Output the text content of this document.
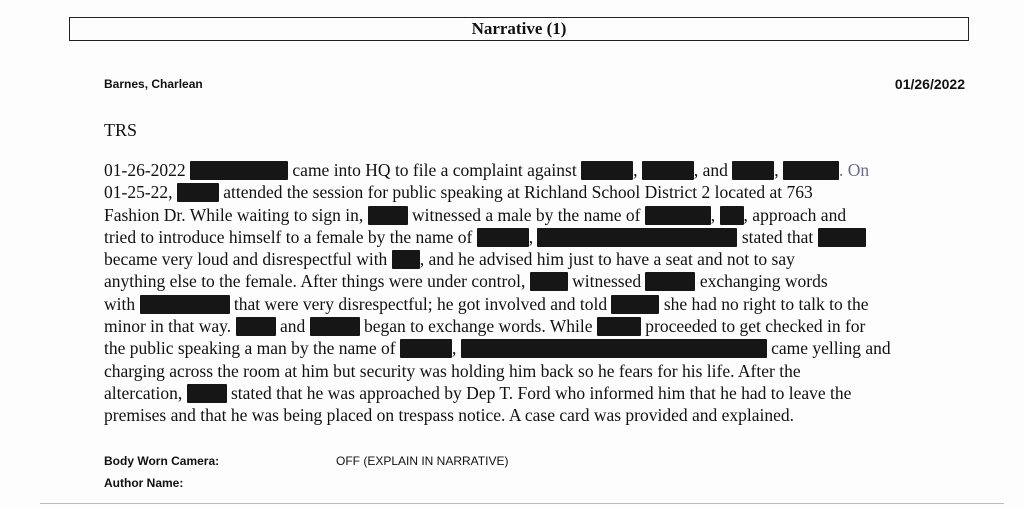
Narrative (1)
Barnes, Charlean	01/26/2022
TRS
01-26-2022	came into HQ to file a complaint against	,	, and ,	. On
01-25-22,  attended the session for public speaking at Richland School District 2 located at 763
Fashion Dr. While waiting to sign in,  witnessed a male by the name of	, , approach and
tried to introduce himself to a female by the name of	,	stated that
became very loud and disrespectful with , and he advised him just to have a seat and not to say
anything else to the female. After things were under control,  witnessed	exchanging words
with	that were very disrespectful; he got involved and told	she had no right to talk to the
minor in that way.  and	began to exchange words. While	proceeded to get checked in for
the public speaking a man by the name of	,	came yelling and
charging across the room at him but security was holding him back so he fears for his life. After the
altercation,  stated that he was approached by Dep T. Ford who informed him that he had to leave the
premises and that he was being placed on trespass notice. A case card was provided and explained.
Body Worn Camera:	OFF (EXPLAIN IN NARRATIVE)
Author Name:
